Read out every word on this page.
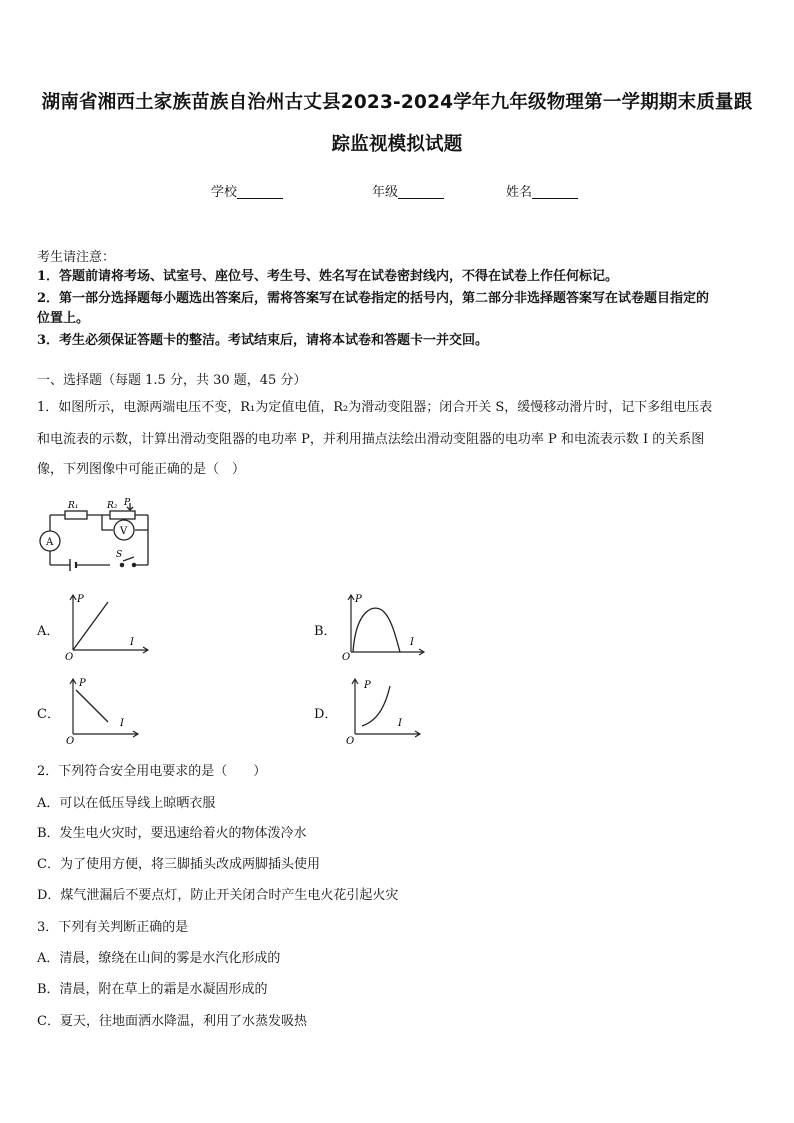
湖南省湘西土家族苗族自治州古丈县2023-2024学年九年级物理第一学期期末质量跟
踪监视模拟试题
学校	年级	姓名
考生请注意：
1．答题前请将考场、试室号、座位号、考生号、姓名写在试卷密封线内，不得在试卷上作任何标记。
2．第一部分选择题每小题选出答案后，需将答案写在试卷指定的括号内，第二部分非选择题答案写在试卷题目指定的
位置上。
3．考生必须保证答题卡的整洁。考试结束后，请将本试卷和答题卡一并交回。
一、选择题（每题 1.5 分，共 30 题，45 分）
1．如图所示，电源两端电压不变，R₁为定值电值，R₂为滑动变阻器；闭合开关 S，缓慢移动滑片时，记下多组电压表
和电流表的示数，计算出滑动变阻器的电功率 P，并利用描点法绘出滑动变阻器的电功率 P 和电流表示数 I 的关系图
像，下列图像中可能正确的是（　）
R₁	R₂ P
V
A
S
A．
P
I
O
B．
P
I
O
C．
P
I
O
D．
P
I
O
2．下列符合安全用电要求的是（　　）
A．可以在低压导线上晾晒衣服
B．发生电火灾时，要迅速给着火的物体泼冷水
C．为了使用方便，将三脚插头改成两脚插头使用
D．煤气泄漏后不要点灯，防止开关闭合时产生电火花引起火灾
3．下列有关判断正确的是
A．清晨，缭绕在山间的雾是水汽化形成的
B．清晨，附在草上的霜是水凝固形成的
C．夏天，往地面洒水降温，利用了水蒸发吸热
